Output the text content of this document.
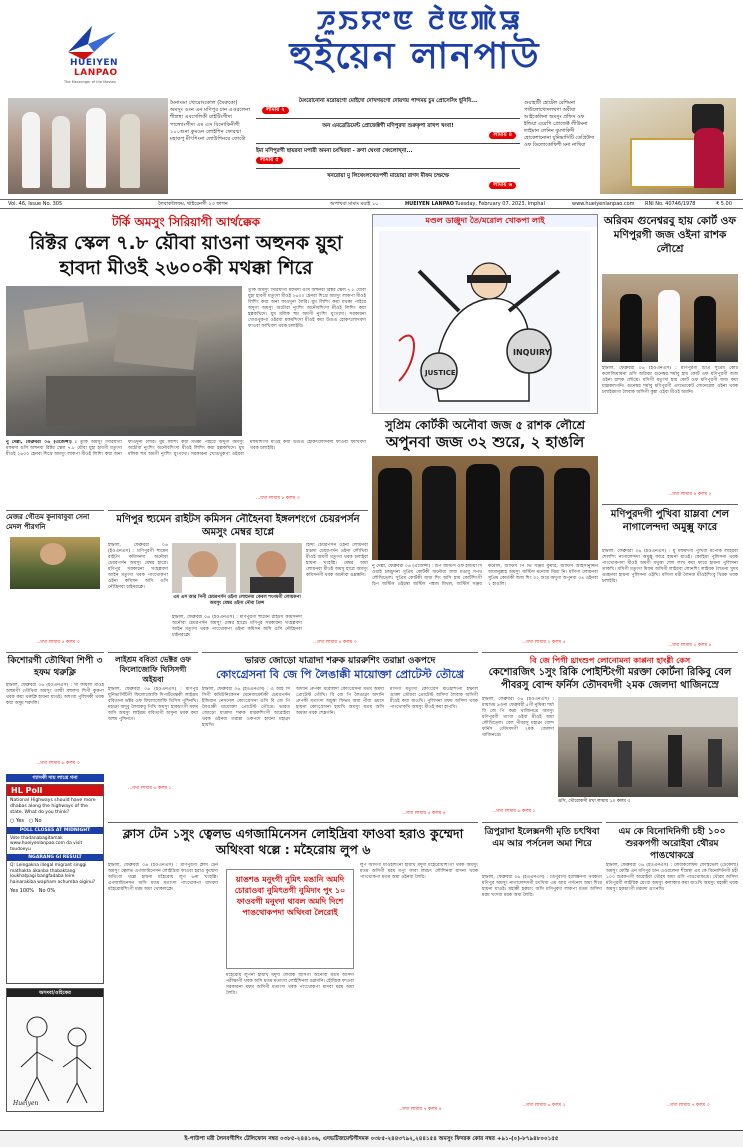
HUEIYEN
LANPAO
The Messenger of the Masses
ꯍꯨꯏꯌꯦꯟ ꯂꯥꯟꯄꯥꯎ
হুইয়েন লানপাউ
মৈনাংডা খোরোংকোল (মৈরুকো) অমসুং ওংন এন মণিপুর চান এওরলেনা শীস্ত্রস্থা এবগেলিকী রাইটিংগীদা পাঙ্গ্যোংগীদা এম এস বিনোকিনীগী ১০০শুনা কুমওন লোইশিন ফোরম্মা মহাকপু মীৎশিংনা লোউশিনরে ফোটো
মৈংরোনোনা মরোয়গো মোইদো দোখগয়গো দোয়গয় পান্দময় চুম প্রোসেসিং হূনিবি...
লামায় ২
অন এমব্রেডিমেন্ট প্রোজেক্টগী মণিপুরদা শুরুকৃপা রাখপ খংবা!
লামায় ৪
ইমা মণিপুরগী ছায়রবা মপারী অমনা চংখিরবা - ক্রণা ঘেংবা খেংলোখ্না...
লামায় ৫
খনরোয়া মু লিথেংলখেতপগী মায়োয়া রাগদ মীফম চম্ফম্ফে
লামায় ৬
গুয়াহাটী হোটেল রেশিমনা পাউলোখোদলথগা অবীষা আইকেলিনা অমসুং প্রফিস ওফ ইন্ডিয়া এরেপি প্রোজেক্ট লীউমনা লাইমান লেনিন বুমগাকিদী হোকেশানোনা যুনিভার্সিটি ডেপ্রিউদা ওফ ডিলোকোফিশী মনা নাখিবা
Vol. 46, Issue No. 305	লৈবাকলৈফম, থাইরেনগী ২৩ ফাগন	অপাখবা মামাং ময়াই ১০	HUEIYEN LANPAO Tuesday, February 07, 2023, Imphal	www.hueiyenlanpao.com RNI No. 40746/1978	₹ 5.00
টর্কি অমসুং সিরিয়াগী আর্থক্কেক
রিক্টর স্কেল ৭.৮ য়ৌবা য়াওনা অহুনক য়ুহা হাবদা মীওই ২৬০০কী মথক্কা শিরে
তুর্কি অমসুং সিরিয়াগী মফমদা ঙসি অহুনবা রিক্টর স্কেল ৭.৮ য়ৌবা য়ুহা হাবগী মতুংদা মীওই ২৬০০ হেনবা শিখ্রে অমসুং লাকপা মীওই লিশিং কয়া অনা ফাওদুনা লৈরি। য়ুম লিশিং কয়া মথক্কা পাইরে অদুগা অমসুং অচৌবা নুংশিং অনৌবশিংদা মীওই লিশিং কয়া হল্লকখিদে। য়ুম মলিক হুম অমগী নুংশিং য়ুংগদো। সরকারনা খোঙথুকপা ওইরবা মফমশিংদা মীওই কয়া উগুঙ হোকৎলোদবদা ফাওবা ফাখিবদা থবক চলাইরি।
নু দেল্লী, ফেব্রুবরী ০৬ (এজেন্সী) : তুর্কি অমসুং সিরিয়াগী মফমদা ঙসি অহুনবা রিক্টর স্কেল ৭.৮ য়ৌবা য়ুহা হাবগী মতুংদা মীওই ২৬০০ হেনবা শিখ্রে অমসুং লাকপা মীওই লিশিং কয়া অনা ফাওদুনা লৈরি। য়ুম লিশিং কয়া মথক্কা পাইরে অদুগা অমসুং অচৌবা নুংশিং অনৌবশিংদা মীওই লিশিং কয়া হল্লকখিদে। য়ুম মলিক হুম অমগী নুংশিং য়ুংগদো। সরকারনা খোঙথুকপা ওইরবা মফমশিংদা মীওই কয়া উগুঙ হোকৎলোদবদা ফাওবা ফাখিবদা থবক চলাইরি।
...মখা লামায় ৮ কলম ৩
মণ্ডল ডাঞ্জুদা তৈ/মরোল খোকপা লাই
INQUIRY
JUSTICE
অরিবম গুনেশ্বরবু হায় কোর্ট ওফ মণিপুরগী জজ ওইনা রাশক লৌশ্রে
ইম্ফাল, ফেব্রুবরী ০৬ (ইওএনএস) : মণিপুরগী চিপ্রি সুপ্রিম কোর্ট কলেজিয়ামনা ঙসি অরিবম গুনেশ্বর শর্মাবু হায় কোর্ট ওফ মণিপুরগী জজ ওইনা রাশক লৌশ্রে। মসিগী মতুংদা হায় কোর্ট ওফ মণিপুরগী জজ কয়া য়াম্লকলগনি। গুনেশ্বর শর্মাবু মণিপুরগী এদভোকেট জেনেরেল ওইনা থবক চলাইরমগা লৈবাক অসিগী কুন্না ওইবা মীওই অমনি।
...মখা লামায় ৪ কলম ২
সুপ্রিম কোর্টকী অনৌবা জজ ৫ রাশক লৌশ্রে
অপুনবা জজ ৩২ শুরে, ২ হাঙলি
নু দেল্লী, ফেব্রুবরী ০৬ (এজেন্সী) : চিপ জস্টিস ওফ ইন্ডিয়া দি ওয়াই চন্দ্রচুদনা সুপ্রিম কোর্টকী অনৌবা জজ মঙাবু সপথ লৌখিত্লে। সুপ্রিম কোর্টকী জজ শিং অসি হায় কোর্টশিংগী চিপ জস্টিস ওইরম্বা জস্টিস পঙ্কজ মিথল, জস্টিস সঞ্জয় করোল, জস্টিস পি ভি সঞ্জয় কুমার, জস্টিস আহসানুদ্দিন আমানুল্লাহ অমসুং জস্টিস মনোজ মিশ্রা নি। মসিগা লোয়নবা সুপ্রিম কোর্তকী জজ শিং ৩২ শুরে অদুগা অপুনবা ৩৪ ওইনবা ২ হাঙলি।
...মখা লামায় ২ কলম ৫
মণিপুরদগী পুখিবা য়াম্লবা শেল নাগালেন্দদা অমুক্সু ফারে
ইম্ফাল, ফেব্রুবরী ০৬ (ইওএনএস) : য়ু মফমদগী পুখিবা মপোক লাইরবা শেলশিং নাগালেন্দদা অমুক্সু ফারে হায়না য়াওই। কোহিমা পুলিসনা থবক পাংথোকপদা মীওই অমগী মখুত্তা শেল লাখ কয়া ফারে হায়না পুলিসনা তাকখি। মসিগী মতুংদা মিফম অসিগী লাইরবা লোনশিং লাইবক লৈতনা খুদম ঙমহনবা হায়না পুলিসনা ওইখি। মসিগা মরী লৈনবা মীওইশিংবু থিরক থবক চলাইরি।
...মখা লামায় ২ কলম ৪
মেজর গৌতম কুনাবাবুবা সেনা মেদল পীরগনি
...মখা লামায় ৫ কলম ৩
মণিপুর হ্যুমেন রাইটস কমিসন নৌহৈনবা ইঙ্গলশংগে চেয়রপর্সন অমসুং মেম্বর হাপ্লে
ইম্ফাল, ফেব্রুবরী ০৬ (ইওএনএস) : মণিপুরগী হ্যুমেন রাইটস কমিসনদা অনৌবা চেয়রপর্সন অমসুং মেম্বর হাপ্লে। মণিপুর সরকারনা খংহল্লবদা আইন মতুংদা থবক পাংথোকপা ওইনা কমিসন অসি ঙসি নৌহৈনবা চাইনরক্লে।
এম এস আর পিনী চেয়রপর্সন ওইনা লোয়নবা কেবল শংগমগী লোয়কপা অমসুং মেম্বর ওইনা নৌবা প্রিন্স
ইম্ফাল, ফেব্রুবরী ০৬ (ইওএনএস) : মণিপুরগী হ্যুমেন রাইটস কমিসনদা অনৌবা চেয়রপর্সন অমসুং মেম্বর হাপ্লে। মণিপুর সরকারনা খংহল্লবদা আইন মতুংদা থবক পাংথোকপা ওইনা কমিসন অসি ঙসি নৌহৈনবা চাইনরক্লে।
হিন্দী চেয়রপর্সন ওইনা লোয়নবা হাপ্পদা চেয়রপর্সন ওইনা লৌখিবা মীওই অমগী মতুংদা থবক চলাইবা হায়না খংহল্লি। মেম্বর অমা লোয়নবা মীওই অমসু হাপ্লে অমসুং কমিসনগী থবক অনৌবা ঙম্লক্কনি।
...মখা লামায় ৪ কলম ৩
কিশোরগী তৌথিবা শিপী ৩ হফম থরুক্লি
ইম্ফাল, ফেব্রুবরী ০৬ (ইওএনএস) : খা ফায়লা মীওই অহুমগী তৌথিবা অমসুং তাম্মী মহুলদা শিপী কুকপা থবক কয়া থরুক্লি হায়না য়াওই। অশংবা পুলিসকী থবক কয়া অদুম শরদলি।
...মখা লামায় ৬ কলম ৩
লাইশ্রম ববিতা ভেক্টর ওফ ফিলোজোফি থিসিসগী অইয়বা
ইম্ফাল, ফেব্রুবরী ০৬ (ইওএনএস) : মণিপুর য়ুনিভার্সিটিগী ফিলোজোফি দিপার্টমেন্তকী লাইশ্রম ববিতানা ডক্টর ওফ ফিলোজোফি থিসিস পুশিনখি। মহাক্না অদুবু লৈবাকবু পিখি অমসুং হাকচাংগী মফম অসি অমসুং লাইশ্রম ববিতাগী অসুনা থবক কয়া অহুম পুশিনগে।
...মখা লামায় ৬ কলম ১
ভারত জোড়ো যাত্রাদা শরুক য়াররুশিং তরাম্না ওকপদে
কোংগ্রেসনা বি জে পি লৈঙাক্কী মায়োক্তা প্রোটেস্ট তৌখ্রে
ইম্ফাল, ফেব্রুবরী ০৬ (ইওএনএস) : এ আই সি সিগী কমিউনিকেসন মেনেজমেন্টকী চেয়রপর্সন ইন্ডিয়ান নেসনেল কোংগ্রেসনা ঙসি বি জে পি লৈঙাক্কী মায়োক্তা প্রোটেস্ট তৌখ্রে। ভারত জোড়ো যাত্রাদা শরুক য়াররুশিংগী অরোইবা থবক ওইনবা তরাম্না ওকপদে হায়না মহাক্না হায়খি।
অদানি গ্রুপকী মরোলদা কোংগ্রেসনা মতম অমদা প্রোটেস্ট তৌখি। বি জে পি লৈঙাক্না অদানি গ্রুপকী মতাংদা অচুম্বা ফিভম অমা পীবা ঙমদে হায়না কোংগ্রেসনা হায়খি অমসুং মতম অসি অমত্তা থবক শেম্লগনি।
মসিগী মতুংদা কোংগ্রেস মীওইশিংনা ইম্ফাল ঙাক্তা তৌরবা প্রোটেস্ট অসিদা লৈবাক অসিগী মীওই কয়া য়াওখি। পুলিসনা মফম অসিদা থবক পাংথোকখি অমসুং মীওই কয়া হাপখি।
...মখা লামায় ৫ কলম ৪
বি জে পিগী থ্রাংশুপ লোনোমনা কাপ্পনা হাংগ্গী কেস
কেশোরজিৎ ১সুং রিকি পোইন্টিংগী মরক্তা কোর্টনা রিকিবু বেল পীবরসু বোন্দ ফর্নিস তৌদবদগী ২মক জেলদা থাজিনস্রে
ইম্ফাল, ফেব্রুবরী ০৬ (ইওএনএস) : মায়াথম ৯ওনা ফেব্রুবরী ৫গী নুমিত্তা শর্মা বি জে পি কপ্পা থাজিনখ্রে অমসুং মণিপুরগী থাংবা ওইবা মীওই অমা লৌখিত্লে। বেল পীবরসু মহাক্না বোন্দ ফর্নিস তৌদবদগী ২মক জেলদা থাজিনখ্রে।
ঙসি, থৌরোকসী মখা লামায় ১০ কলম ৩
...মখা লামায় ৬ কলম ১
গ্যাসকী দায় লাখ্রে গনা
HL Poll
National Highways should have more dhabas along the highways of the state. What do you think?
○ Yes ○ No
POLL CLOSES AT MIDNIGHT
Vote thadanabagitamak www.hueiyenlanpao.com da visit toudoeyu
NGARANG GI RESULT
Q: Leingakna illegal migrant singgi mathakta akanba thabaktang loukhatpagi bangfadaba leire hainarakiba wapham achumba oiginu?
Yes 100% No 0%
অসংবা/ওহিকের
Hueiyen
ক্লাস টেন ১সুং ত্বেলভ এগজামিনেসন লোইদ্রিবা ফাওবা হরাও কুম্মেদা অথিংবা থল্লে : মহৈরোয় লুপ ৬
ইম্ফাল, ফেব্রুবরী ০৬ (ইওএনএস) : মণিপুরগী ক্লাস টেন অমসুং ত্বেলভ এগজামিনেসন লোইদ্রিবা ফাওবা হরাও কুম্মেদা অথিংবা থল্লে হায়না মহৈরোয় লুপ ৬না খংহল্লি। এগজামিনেসন অসি মতম মতাংদা পাংথোকপা য়াদবদা মহৈরোয়শিংগী মরম অমা থোকলক্লে।
য়াঙশঙ মনুংগী নুমিৎ মঙানি অমদি চোরাওবা নুমিৎতগী নুমিদাং পুং ১০ ফাওবগী মনুংদা থাবল অমদি দিশে পাঙথোকপদা অথিংবা লৈরোই
মহৈরোয় লুপনা হায়খি মদুদা লৈবাক অসিগী অনৌবা মতম অসিদা পরীক্ষাগী থবক অসি মতম মতাংদা লোইশিনবা ঙম্লগনি। হৌজিক ফাওবা সরকারনা মফম অসিগী মতাংদা থবক পাংথোকপা য়াদবা মরম অমা লৈরি।
লুপ অসিগী মীওইশিংনা হায়খি মদুদা মহৈরোয়শিংগী থবক অমসুং মতম অসিগী মরম মপুং ফাবা লমচৎ লৌশিনবা য়াদনা থবক পাংথোকপা মতম অমা ওইনবা লৈরি।
...মখা লামায় ৭ কলম ৪
ত্রিপুরাদা ইলেক্সনগী মৃতি চৎথিবা এম আর পর্সনেল অমা শিরে
ইম্ফাল, ফেব্রুবরী ০৬ (ইওএনএস) : ত্রিপুরাগী ইলেক্সনগী থবকতা মণিপুর অমসুং নাগালেন্দদগী চৎখিবা এম আর পর্সনেল অমা শিরে হায়না য়াওই। মহাক্কী হকচাং অসি মণিপুরদা লাকপা মতম অসিদা মরম খংদবা মরক অমা লৈরি।
...মখা লামায় ৬ কলম ২
এম কে বিনোদিনিগী চহী ১০০ শুরকপগী অরোইবা থৌরম পাঙথোকখ্রে
ইম্ফাল, ফেব্রুবরী ০৬ (ইওএনএস) : লৈবাকলৈফম ফেস্তিভেল (টেকেলা) অমসুং ফেস্তি এন মণিপুর চান এওরলেনা শীস্ত্রস্থা এম কে বিনোদিনিগী চহী ১০০ শুরকপগী অরোইবা থৌরম অমা ঙসি পাঙথোকখ্রে। থৌরম অসিদা মণিপুরগী লাইরিক য়েংবা অমসুং কলাকার কয়া য়াওখি অমসুং মহাক্কী থবক অমসুং হকচাংগী মরমদা ঙাংনখি।
...মখা লামায় ৭ কলম ৩
ই-পাউপা মরী লৈনবগীশিং টেলিফোন নম্বর ০৩৮৫-২৪৪১০৬, এদভটিজমেন্টগীদমক ০৩৮৫-২৪৪৩৭৯২,২৪৪১৫৪ অমসুং ফিদরক কোর নম্বর +৯১-(০)-৮৭৯৪৮০০১৫৫
